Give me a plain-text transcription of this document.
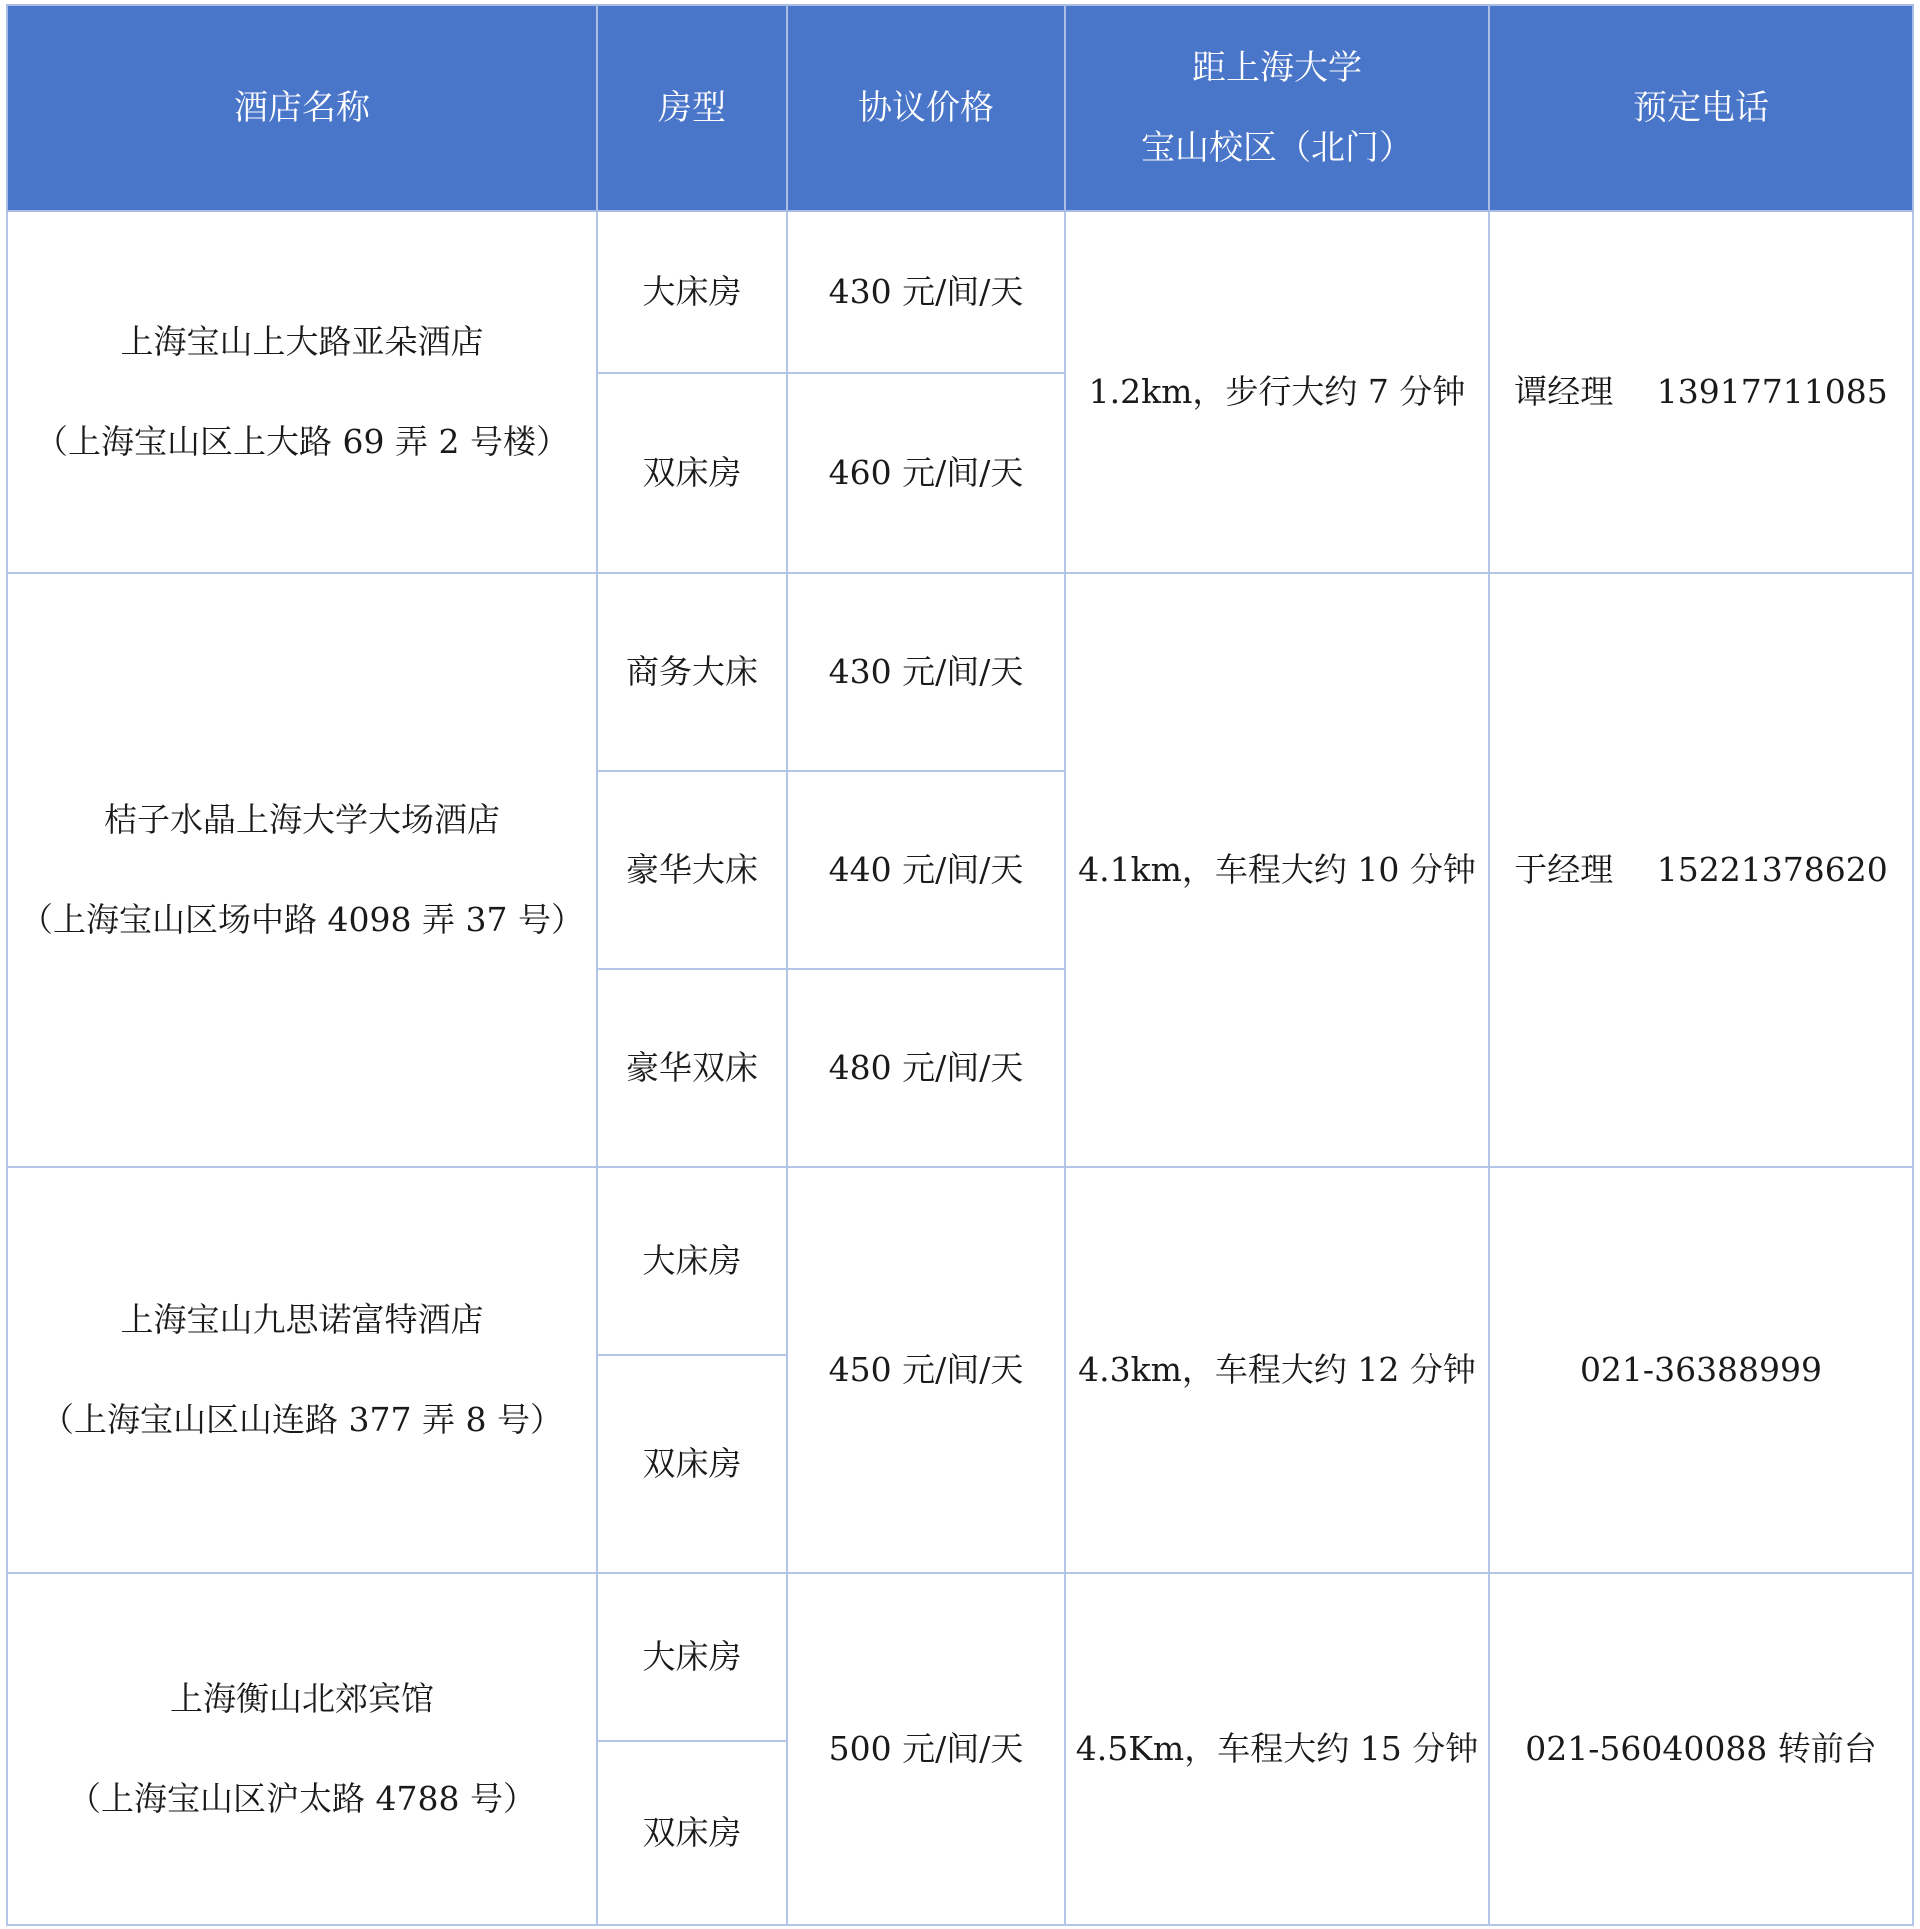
酒店名称	房型	协议价格	距上海大学
宝山校区（北门）	预定电话

上海宝山上大路亚朵酒店
（上海宝山区上大路 69 弄 2 号楼）	大床房	430 元/间/天	1.2km，步行大约 7 分钟	谭经理　 13917711085
	双床房	460 元/间/天		

桔子水晶上海大学大场酒店
（上海宝山区场中路 4098 弄 37 号）	商务大床	430 元/间/天	4.1km，车程大约 10 分钟	于经理　 15221378620
	豪华大床	440 元/间/天		
	豪华双床	480 元/间/天		

上海宝山九思诺富特酒店
（上海宝山区山连路 377 弄 8 号）	大床房	450 元/间/天	4.3km，车程大约 12 分钟	021-36388999
	双床房			

上海衡山北郊宾馆
（上海宝山区沪太路 4788 号）	大床房	500 元/间/天	4.5Km，车程大约 15 分钟	021-56040088 转前台
	双床房			
